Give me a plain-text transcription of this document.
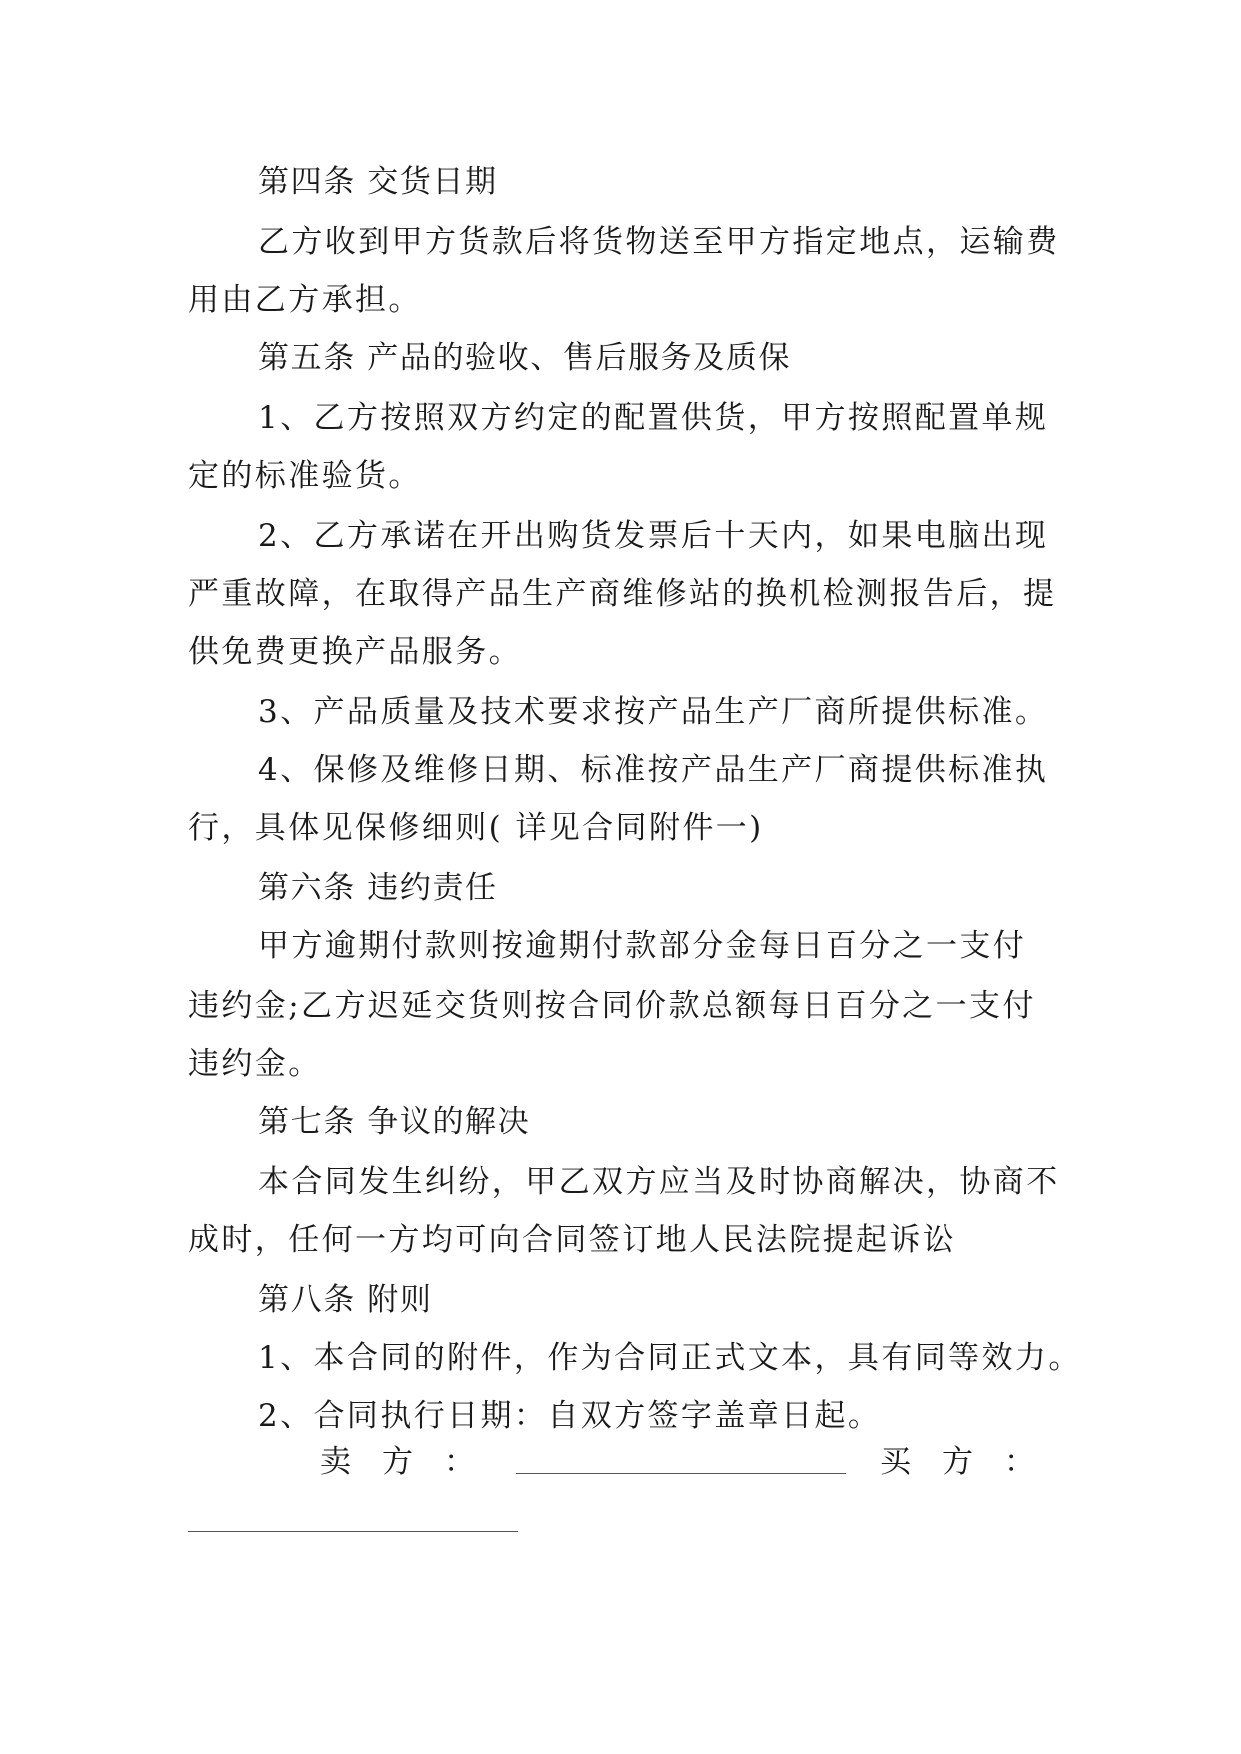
第四条 交货日期
乙方收到甲方货款后将货物送至甲方指定地点，运输费
用由乙方承担。
第五条 产品的验收、售后服务及质保
1、乙方按照双方约定的配置供货，甲方按照配置单规
定的标准验货。
2、乙方承诺在开出购货发票后十天内，如果电脑出现
严重故障，在取得产品生产商维修站的换机检测报告后，提
供免费更换产品服务。
3、产品质量及技术要求按产品生产厂商所提供标准。
4、保修及维修日期、标准按产品生产厂商提供标准执
行，具体见保修细则( 详见合同附件一)
第六条 违约责任
甲方逾期付款则按逾期付款部分金每日百分之一支付
违约金;乙方迟延交货则按合同价款总额每日百分之一支付
违约金。
第七条 争议的解决
本合同发生纠纷，甲乙双方应当及时协商解决，协商不
成时，任何一方均可向合同签订地人民法院提起诉讼
第八条 附则
1、本合同的附件，作为合同正式文本，具有同等效力。
2、合同执行日期：自双方签字盖章日起。
卖　方　：	买　方　：
